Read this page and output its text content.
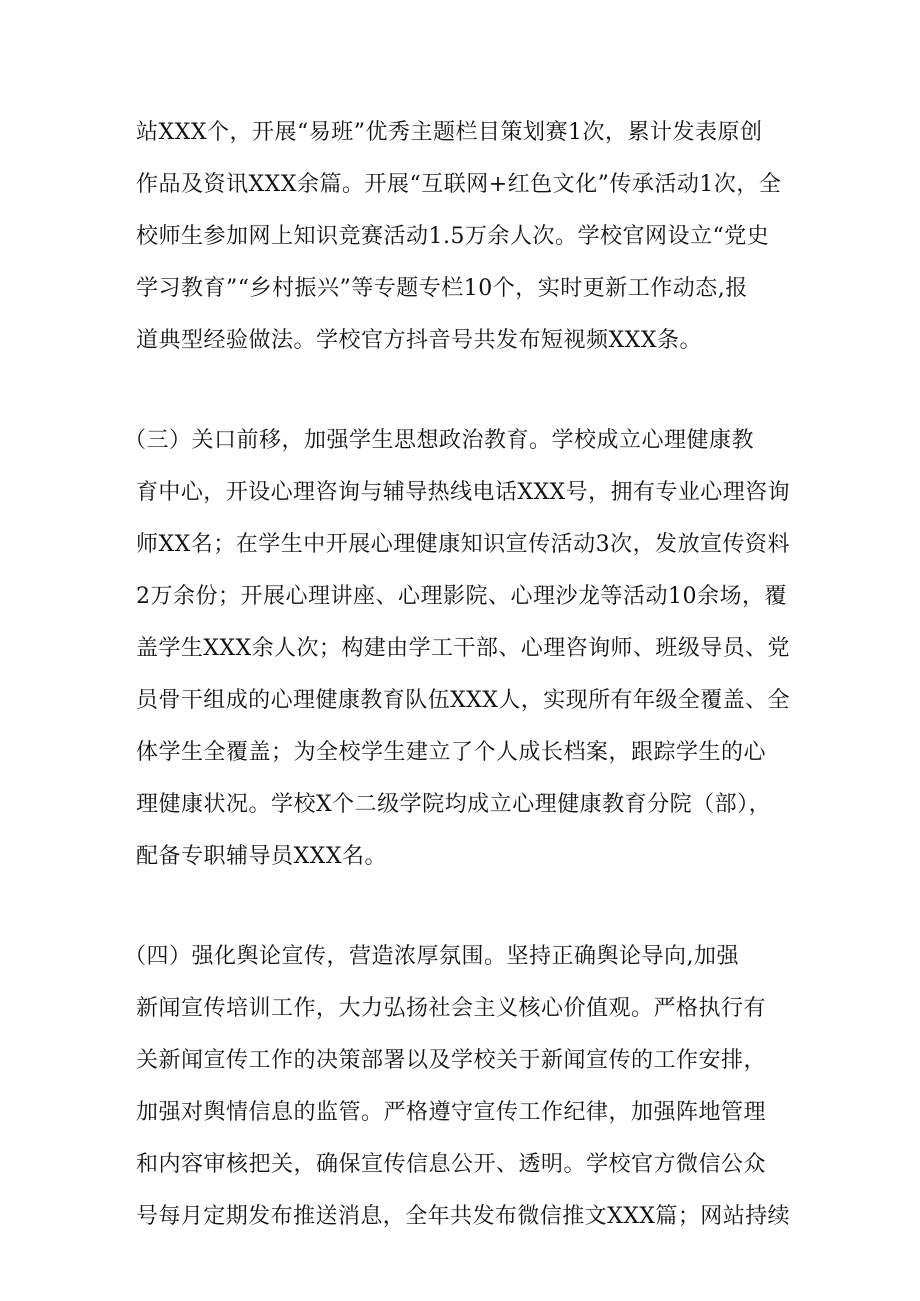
站XXX个，开展“易班”优秀主题栏目策划赛1次，累计发表原创
作品及资讯XXX余篇。开展“互联网+红色文化”传承活动1次，全
校师生参加网上知识竞赛活动1.5万余人次。学校官网设立“党史
学习教育”“乡村振兴”等专题专栏10个，实时更新工作动态,报
道典型经验做法。学校官方抖音号共发布短视频XXX条。
（三）关口前移，加强学生思想政治教育。学校成立心理健康教
育中心，开设心理咨询与辅导热线电话XXX号，拥有专业心理咨询
师XX名；在学生中开展心理健康知识宣传活动3次，发放宣传资料
2万余份；开展心理讲座、心理影院、心理沙龙等活动10余场，覆
盖学生XXX余人次；构建由学工干部、心理咨询师、班级导员、党
员骨干组成的心理健康教育队伍XXX人，实现所有年级全覆盖、全
体学生全覆盖；为全校学生建立了个人成长档案，跟踪学生的心
理健康状况。学校X个二级学院均成立心理健康教育分院（部），
配备专职辅导员XXX名。
（四）强化舆论宣传，营造浓厚氛围。坚持正确舆论导向,加强
新闻宣传培训工作，大力弘扬社会主义核心价值观。严格执行有
关新闻宣传工作的决策部署以及学校关于新闻宣传的工作安排，
加强对舆情信息的监管。严格遵守宣传工作纪律，加强阵地管理
和内容审核把关，确保宣传信息公开、透明。学校官方微信公众
号每月定期发布推送消息，全年共发布微信推文XXX篇；网站持续
